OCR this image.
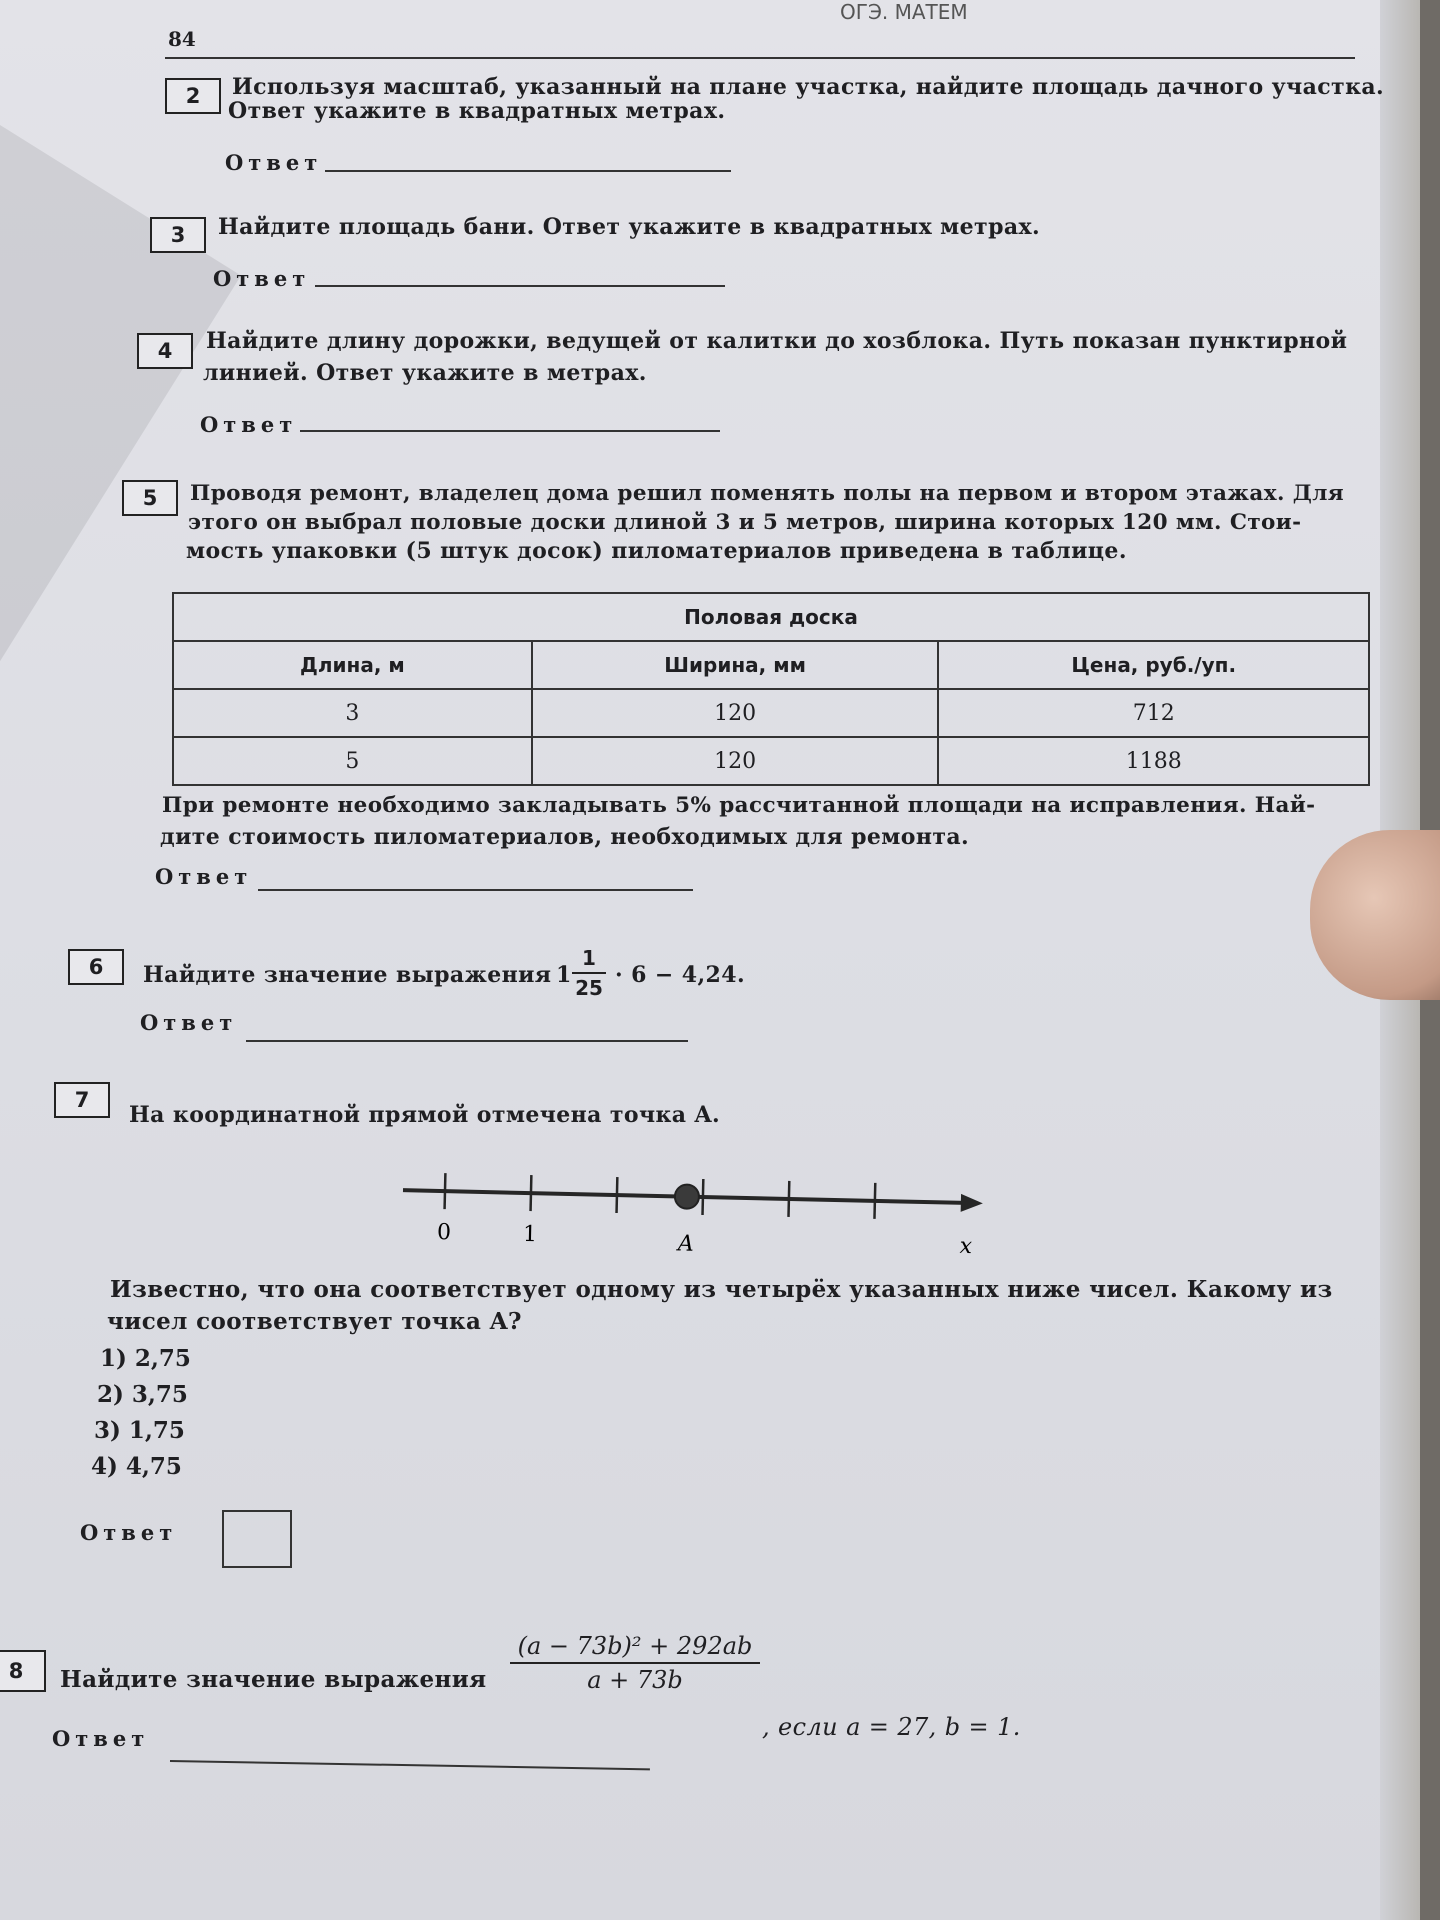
84
ОГЭ. МАТЕМ
2	Используя масштаб, указанный на плане участка, найдите площадь дачного участка.
Ответ укажите в квадратных метрах.
Ответ
3	Найдите площадь бани. Ответ укажите в квадратных метрах.
Ответ
4	Найдите длину дорожки, ведущей от калитки до хозблока. Путь показан пунктирной
линией. Ответ укажите в метрах.
Ответ
5	Проводя ремонт, владелец дома решил поменять полы на первом и втором этажах. Для
этого он выбрал половые доски длиной 3 и 5 метров, ширина которых 120 мм. Стои-
мость упаковки (5 штук досок) пиломатериалов приведена в таблице.
Половая доска		
Длина, м	Ширина, мм	Цена, руб./уп.
3	120	712
5	120	1188
При ремонте необходимо закладывать 5% рассчитанной площади на исправления. Най-
дите стоимость пиломатериалов, необходимых для ремонта.
Ответ
6	Найдите значение выражения 1
1
25 · 6 − 4,24.
Ответ
7
На координатной прямой отмечена точка A.
0	1	A	x
Известно, что она соответствует одному из четырёх указанных ниже чисел. Какому из
чисел соответствует точка A?
1) 2,75
2) 3,75
3) 1,75
4) 4,75
Ответ
8	Найдите значение выражения
(a − 73b)² + 292ab
a + 73b
, если a = 27, b = 1.
Ответ
